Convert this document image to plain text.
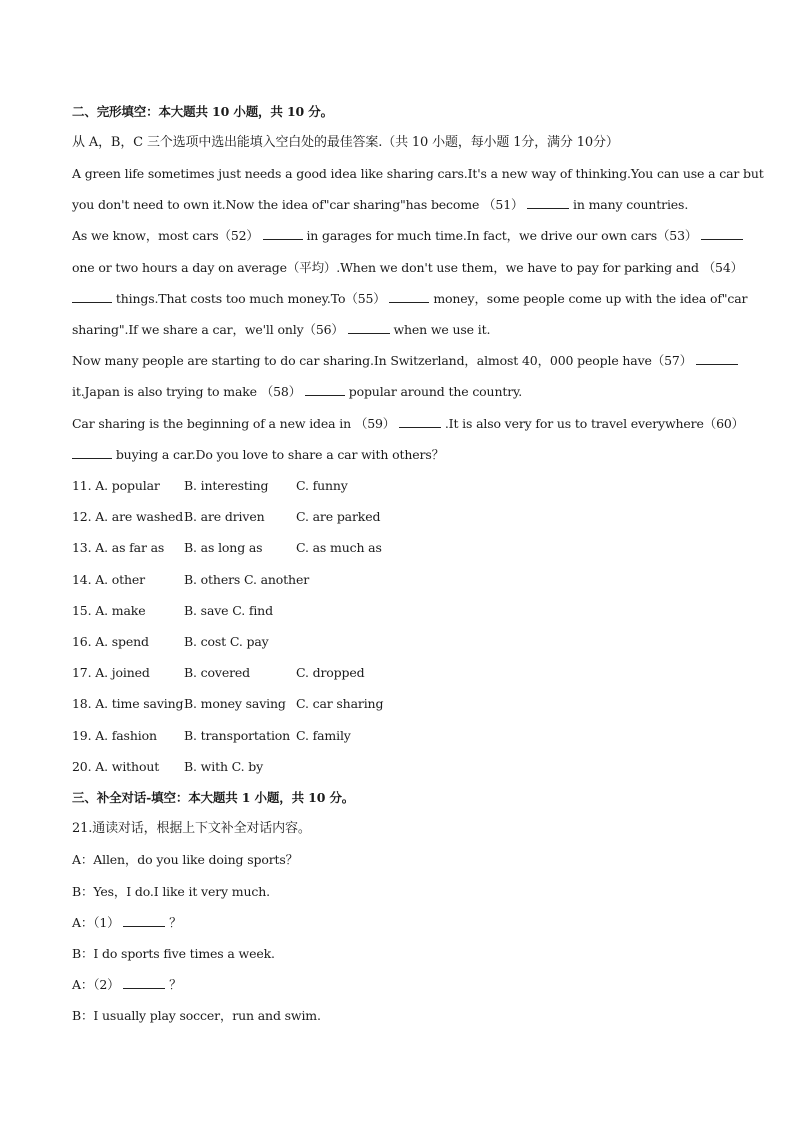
二、完形填空：本大题共 10 小题，共 10 分。
从 A，B，C 三个选项中选出能填入空白处的最佳答案.（共 10 小题，每小题 1分，满分 10分）
A green life sometimes just needs a good idea like sharing cars.It's a new way of thinking.You can use a car but
you don't need to own it.Now the idea of"car sharing"has become （51）	in many countries.
As we know，most cars（52）	in garages for much time.In fact，we drive our own cars（53）
one or two hours a day on average（平均）.When we don't use them，we have to pay for parking and （54）
things.That costs too much money.To（55）	money，some people come up with the idea of"car
sharing".If we share a car，we'll only（56）	when we use it.
Now many people are starting to do car sharing.In Switzerland，almost 40，000 people have（57）
it.Japan is also trying to make （58）	popular around the country.
Car sharing is the beginning of a new idea in （59）	.It is also very for us to travel everywhere（60）
buying a car.Do you love to share a car with others？
11. A. popular B. interesting C. funny
12. A. are washed B. are driven	C. are parked
13. A. as far as B. as long as	C. as much as
14. A. other	B. others C. another
15. A. make	B. save C. find
16. A. spend	B. cost C. pay
17. A. joined	B. covered	C. dropped
18. A. time saving B. money saving C. car sharing
19. A. fashion B. transportation C. family
20. A. without B. with C. by
三、补全对话-填空：本大题共 1 小题，共 10 分。
21.通读对话，根据上下文补全对话内容。
A：Allen，do you like doing sports？
B：Yes，I do.I like it very much.
A：（1）	？
B：I do sports five times a week.
A：（2）	？
B：I usually play soccer，run and swim.
